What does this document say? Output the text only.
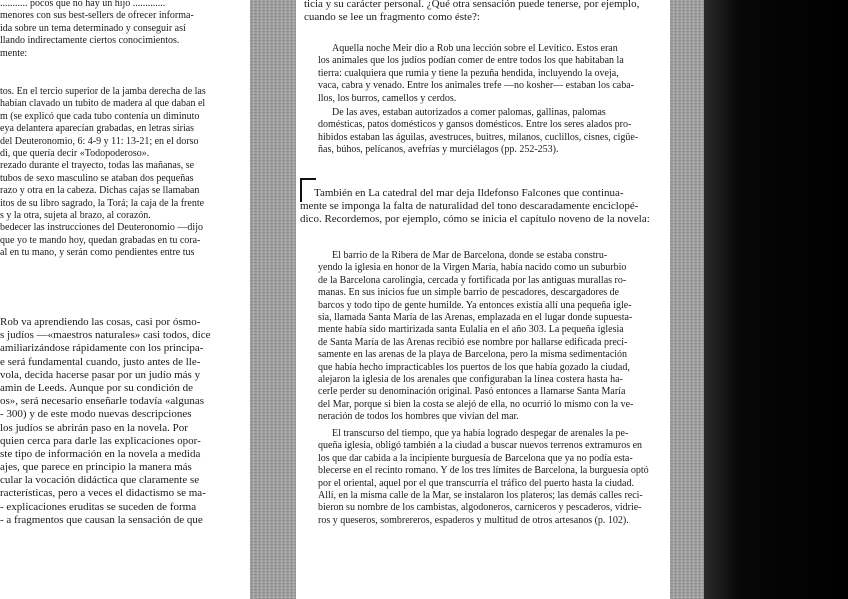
........... pocos que no hay un hijo .............
menores con sus best-sellers de ofrecer informa-
ida sobre un tema determinado y conseguir así
llando indirectamente ciertos conocimientos.
mente:
tos. En el tercio superior de la jamba derecha de las
habían clavado un tubito de madera al que daban el
m (se explicó que cada tubo contenía un diminuto
eya delantera aparecían grabadas, en letras sirias
del Deuteronomio, 6: 4-9 y 11: 13-21; en el dorso
di, que quería decir «Todopoderoso».
rezado durante el trayecto, todas las mañanas, se
tubos de sexo masculino se ataban dos pequeñas
razo y otra en la cabeza. Dichas cajas se llamaban
itos de su libro sagrado, la Torá; la caja de la frente
s y la otra, sujeta al brazo, al corazón.
bedecer las instrucciones del Deuteronomio —dijo
que yo te mando hoy, quedan grabadas en tu cora-
al en tu mano, y serán como pendientes entre tus
Rob va aprendiendo las cosas, casi por ósmo-
s judíos —«maestros naturales» casi todos, dice
amiliarizándose rápidamente con los principa-
e será fundamental cuando, justo antes de lle-
vola, decida hacerse pasar por un judío más y
amin de Leeds. Aunque por su condición de
os», será necesario enseñarle todavía «algunas
- 300) y de este modo nuevas descripciones
los judíos se abrirán paso en la novela. Por
quien cerca para darle las explicaciones opor-
ste tipo de información en la novela a medida
ajes, que parece en principio la manera más
cular la vocación didáctica que claramente se
racterísticas, pero a veces el didactismo se ma-
- explicaciones eruditas se suceden de forma
- a fragmentos que causan la sensación de que
ticia y su carácter personal. ¿Qué otra sensación puede tenerse, por ejemplo,
cuando se lee un fragmento como éste?:
Aquella noche Meir dio a Rob una lección sobre el Levítico. Estos eran
los animales que los judíos podían comer de entre todos los que habitaban la
tierra: cualquiera que rumia y tiene la pezuña hendida, incluyendo la oveja,
vaca, cabra y venado. Entre los animales trefe —no kosher— estaban los caba-
llos, los burros, camellos y cerdos.
De las aves, estaban autorizados a comer palomas, gallinas, palomas
domésticas, patos domésticos y gansos domésticos. Entre los seres alados pro-
hibidos estaban las águilas, avestruces, buitres, milanos, cuclillos, cisnes, cigüe-
ñas, búhos, pelícanos, avefrías y murciélagos (pp. 252-253).
También en La catedral del mar deja Ildefonso Falcones que continua-
mente se imponga la falta de naturalidad del tono descaradamente enciclopé-
dico. Recordemos, por ejemplo, cómo se inicia el capítulo noveno de la novela:
El barrio de la Ribera de Mar de Barcelona, donde se estaba constru-
yendo la iglesia en honor de la Virgen María, había nacido como un suburbio
de la Barcelona carolingia, cercada y fortificada por las antiguas murallas ro-
manas. En sus inicios fue un simple barrio de pescadores, descargadores de
barcos y todo tipo de gente humilde. Ya entonces existía allí una pequeña igle-
sia, llamada Santa María de las Arenas, emplazada en el lugar donde supuesta-
mente había sido martirizada santa Eulalia en el año 303. La pequeña iglesia
de Santa María de las Arenas recibió ese nombre por hallarse edificada preci-
samente en las arenas de la playa de Barcelona, pero la misma sedimentación
que había hecho impracticables los puertos de los que había gozado la ciudad,
alejaron la iglesia de los arenales que configuraban la línea costera hasta ha-
cerle perder su denominación original. Pasó entonces a llamarse Santa María
del Mar, porque si bien la costa se alejó de ella, no ocurrió lo mismo con la ve-
neración de todos los hombres que vivían del mar.
El transcurso del tiempo, que ya había logrado despegar de arenales la pe-
queña iglesia, obligó también a la ciudad a buscar nuevos terrenos extramuros en
los que dar cabida a la incipiente burguesía de Barcelona que ya no podía esta-
blecerse en el recinto romano. Y de los tres límites de Barcelona, la burguesía optó
por el oriental, aquel por el que transcurría el tráfico del puerto hasta la ciudad.
Allí, en la misma calle de la Mar, se instalaron los plateros; las demás calles reci-
bieron su nombre de los cambistas, algodoneros, carniceros y pescaderos, vidrie-
ros y queseros, sombrereros, espaderos y multitud de otros artesanos (p. 102).
